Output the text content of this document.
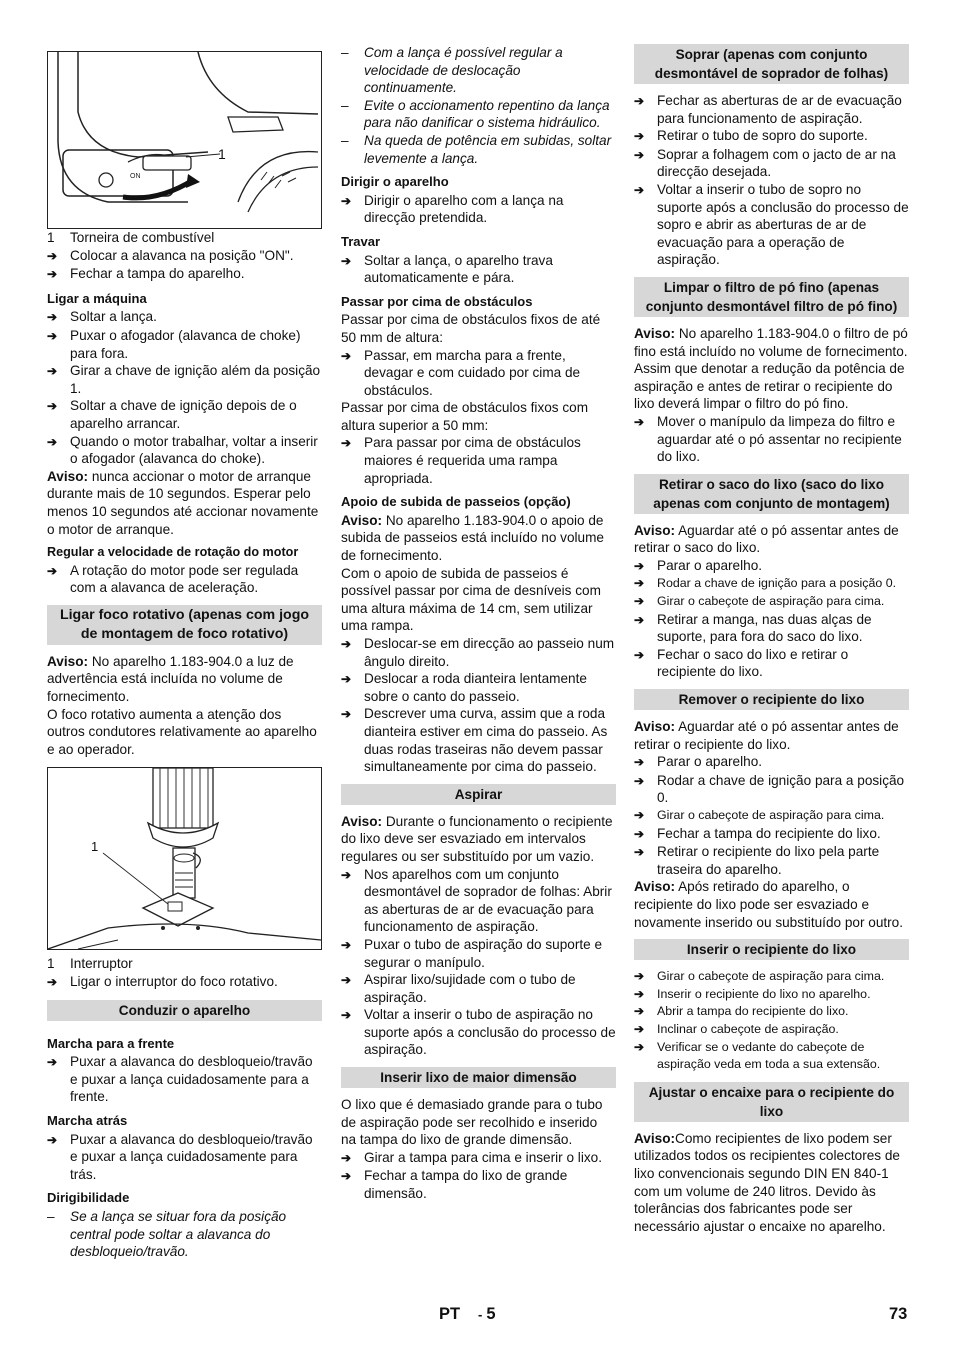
ON
1
1	Torneira de combustível
➔
Colocar a alavanca na posição "ON".
➔
Fechar a tampa do aparelho.

Ligar a máquina

➔
Soltar a lança.
➔
Puxar o afogador (alavanca de choke) para fora.
➔
Girar a chave de ignição além da posição 1.
➔
Soltar a chave de ignição depois de o aparelho arrancar.
➔
Quando o motor trabalhar, voltar a inserir o afogador (alavanca do choke).

Aviso: nunca accionar o motor de arranque durante mais de 10 segundos. Esperar pelo menos 10 segundos até accionar novamente o motor de arranque.

Regular a velocidade de rotação do motor

➔
A rotação do motor pode ser regulada com a alavanca de aceleração.
Ligar foco rotativo (apenas com jogo de montagem de foco rotativo)

Aviso: No aparelho 1.183-904.0 a luz de advertência está incluída no volume de fornecimento.

O foco rotativo aumenta a atenção dos outros condutores relativamente ao aparelho e ao operador.

1
1	Interruptor
➔
Ligar o interruptor do foco rotativo.
Conduzir o aparelho

Marcha para a frente

➔
Puxar a alavanca do desbloqueio/travão e puxar a lança cuidadosamente para a frente.

Marcha atrás

➔
Puxar a alavanca do desbloqueio/travão e puxar a lança cuidadosamente para trás.

Dirigibilidade

–	Se a lança se situar fora da posição central pode soltar a alavanca do desbloqueio/travão.
–	Com a lança é possível regular a velocidade de deslocação continuamente.
–	Evite o accionamento repentino da lança para não danificar o sistema hidráulico.
–	Na queda de potência em subidas, soltar levemente a lança.

Dirigir o aparelho

➔
Dirigir o aparelho com a lança na direcção pretendida.

Travar

➔
Soltar a lança, o aparelho trava automaticamente e pára.

Passar por cima de obstáculos

Passar por cima de obstáculos fixos de até 50 mm de altura:

➔
Passar, em marcha para a frente, devagar e com cuidado por cima de obstáculos.

Passar por cima de obstáculos fixos com altura superior a 50 mm:

➔
Para passar por cima de obstáculos maiores é requerida uma rampa apropriada.

Apoio de subida de passeios (opção)

Aviso: No aparelho 1.183-904.0 o apoio de subida de passeios está incluído no volume de fornecimento.

Com o apoio de subida de passeios é possível passar por cima de desníveis com uma altura máxima de 14 cm, sem utilizar uma rampa.

➔
Deslocar-se em direcção ao passeio num ângulo direito.
➔
Deslocar a roda dianteira lentamente sobre o canto do passeio.
➔
Descrever uma curva, assim que a roda dianteira estiver em cima do passeio. As duas rodas traseiras não devem passar simultaneamente por cima do passeio.
Aspirar

Aviso: Durante o funcionamento o recipiente do lixo deve ser esvaziado em intervalos regulares ou ser substituído por um vazio.

➔
Nos aparelhos com um conjunto desmontável de soprador de folhas: Abrir as aberturas de ar de evacuação para funcionamento de aspiração.
➔
Puxar o tubo de aspiração do suporte e segurar o manípulo.
➔
Aspirar lixo/sujidade com o tubo de aspiração.
➔
Voltar a inserir o tubo de aspiração no suporte após a conclusão do processo de aspiração.
Inserir lixo de maior dimensão

O lixo que é demasiado grande para o tubo de aspiração pode ser recolhido e inserido na tampa do lixo de grande dimensão.

➔
Girar a tampa para cima e inserir o lixo.
➔
Fechar a tampa do lixo de grande dimensão.
Soprar (apenas com conjunto desmontável de soprador de folhas)
➔
Fechar as aberturas de ar de evacuação para funcionamento de aspiração.
➔
Retirar o tubo de sopro do suporte.
➔
Soprar a folhagem com o jacto de ar na direcção desejada.
➔
Voltar a inserir o tubo de sopro no suporte após a conclusão do processo de sopro e abrir as aberturas de ar de evacuação para a operação de aspiração.
Limpar o filtro de pó fino (apenas conjunto desmontável filtro de pó fino)

Aviso: No aparelho 1.183-904.0 o filtro de pó fino está incluído no volume de fornecimento.

Assim que denotar a redução da potência de aspiração e antes de retirar o recipiente do lixo deverá limpar o filtro do pó fino.

➔
Mover o manípulo da limpeza do filtro e aguardar até o pó assentar no recipiente do lixo.
Retirar o saco do lixo (saco do lixo apenas com conjunto de montagem)

Aviso: Aguardar até o pó assentar antes de retirar o saco do lixo.

➔
Parar o aparelho.
➔
Rodar a chave de ignição para a posição 0.
➔
Girar o cabeçote de aspiração para cima.
➔
Retirar a manga, nas duas alças de suporte, para fora do saco do lixo.
➔
Fechar o saco do lixo e retirar o recipiente do lixo.
Remover o recipiente do lixo

Aviso: Aguardar até o pó assentar antes de retirar o recipiente do lixo.

➔
Parar o aparelho.
➔
Rodar a chave de ignição para a posição 0.
➔
Girar o cabeçote de aspiração para cima.
➔
Fechar a tampa do recipiente do lixo.
➔
Retirar o recipiente do lixo pela parte traseira do aparelho.

Aviso: Após retirado do aparelho, o recipiente do lixo pode ser esvaziado e novamente inserido ou substituído por outro.

Inserir o recipiente do lixo
➔
Girar o cabeçote de aspiração para cima.
➔
Inserir o recipiente do lixo no aparelho.
➔
Abrir a tampa do recipiente do lixo.
➔
Inclinar o cabeçote de aspiração.
➔
Verificar se o vedante do cabeçote de aspiração veda em toda a sua extensão.
Ajustar o encaixe para o recipiente do lixo

Aviso:Como recipientes de lixo podem ser utilizados todos os recipientes colectores de lixo convencionais segundo DIN EN 840-1 com um volume de 240 litros. Devido às tolerâncias dos fabricantes pode ser necessário ajustar o encaixe no aparelho.

PT - 5	73
